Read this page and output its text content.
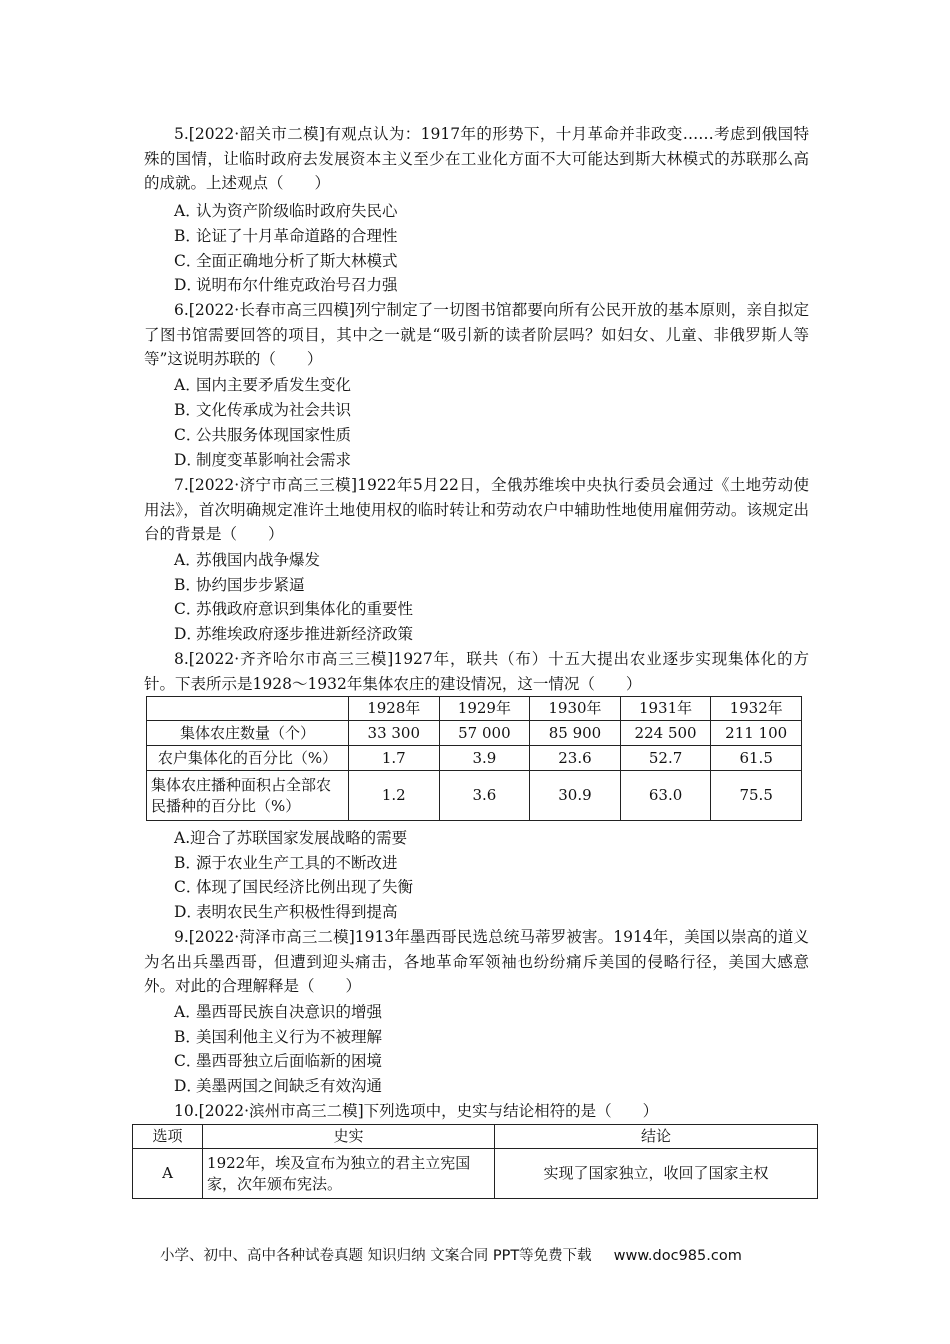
5.[2022·韶关市二模]有观点认为：1917年的形势下，十月革命并非政变……考虑到俄国特殊的国情，让临时政府去发展资本主义至少在工业化方面不大可能达到斯大林模式的苏联那么高的成就。上述观点（　　）

A．认为资产阶级临时政府失民心

B．论证了十月革命道路的合理性

C．全面正确地分析了斯大林模式

D．说明布尔什维克政治号召力强

6.[2022·长春市高三四模]列宁制定了一切图书馆都要向所有公民开放的基本原则，亲自拟定了图书馆需要回答的项目，其中之一就是“吸引新的读者阶层吗？如妇女、儿童、非俄罗斯人等等”这说明苏联的（　　）

A．国内主要矛盾发生变化

B．文化传承成为社会共识

C．公共服务体现国家性质

D．制度变革影响社会需求

7.[2022·济宁市高三三模]1922年5月22日，全俄苏维埃中央执行委员会通过《土地劳动使用法》，首次明确规定准许土地使用权的临时转让和劳动农户中辅助性地使用雇佣劳动。该规定出台的背景是（　　）

A．苏俄国内战争爆发

B．协约国步步紧逼

C．苏俄政府意识到集体化的重要性

D．苏维埃政府逐步推进新经济政策

8.[2022·齐齐哈尔市高三三模]1927年，联共（布）十五大提出农业逐步实现集体化的方针。下表所示是1928～1932年集体农庄的建设情况，这一情况（　　）

	1928年	1929年	1930年	1931年	1932年
集体农庄数量（个）	33 300	57 000	85 900	224 500	211 100
农户集体化的百分比（%）	1.7	3.9	23.6	52.7	61.5
集体农庄播种面积占全部农民播种的百分比（%）	1.2	3.6	30.9	63.0	75.5

A.迎合了苏联国家发展战略的需要

B．源于农业生产工具的不断改进

C．体现了国民经济比例出现了失衡

D．表明农民生产积极性得到提高

9.[2022·菏泽市高三二模]1913年墨西哥民选总统马蒂罗被害。1914年，美国以崇高的道义为名出兵墨西哥，但遭到迎头痛击，各地革命军领袖也纷纷痛斥美国的侵略行径，美国大感意外。对此的合理解释是（　　）

A．墨西哥民族自决意识的增强

B．美国利他主义行为不被理解

C．墨西哥独立后面临新的困境

D．美墨两国之间缺乏有效沟通

10.[2022·滨州市高三二模]下列选项中，史实与结论相符的是（　　）

选项	史实	结论
A	1922年，埃及宣布为独立的君主立宪国家，次年颁布宪法。	实现了国家独立，收回了国家主权
小学、初中、高中各种试卷真题 知识归纳 文案合同 PPT等免费下载 www.doc985.com
